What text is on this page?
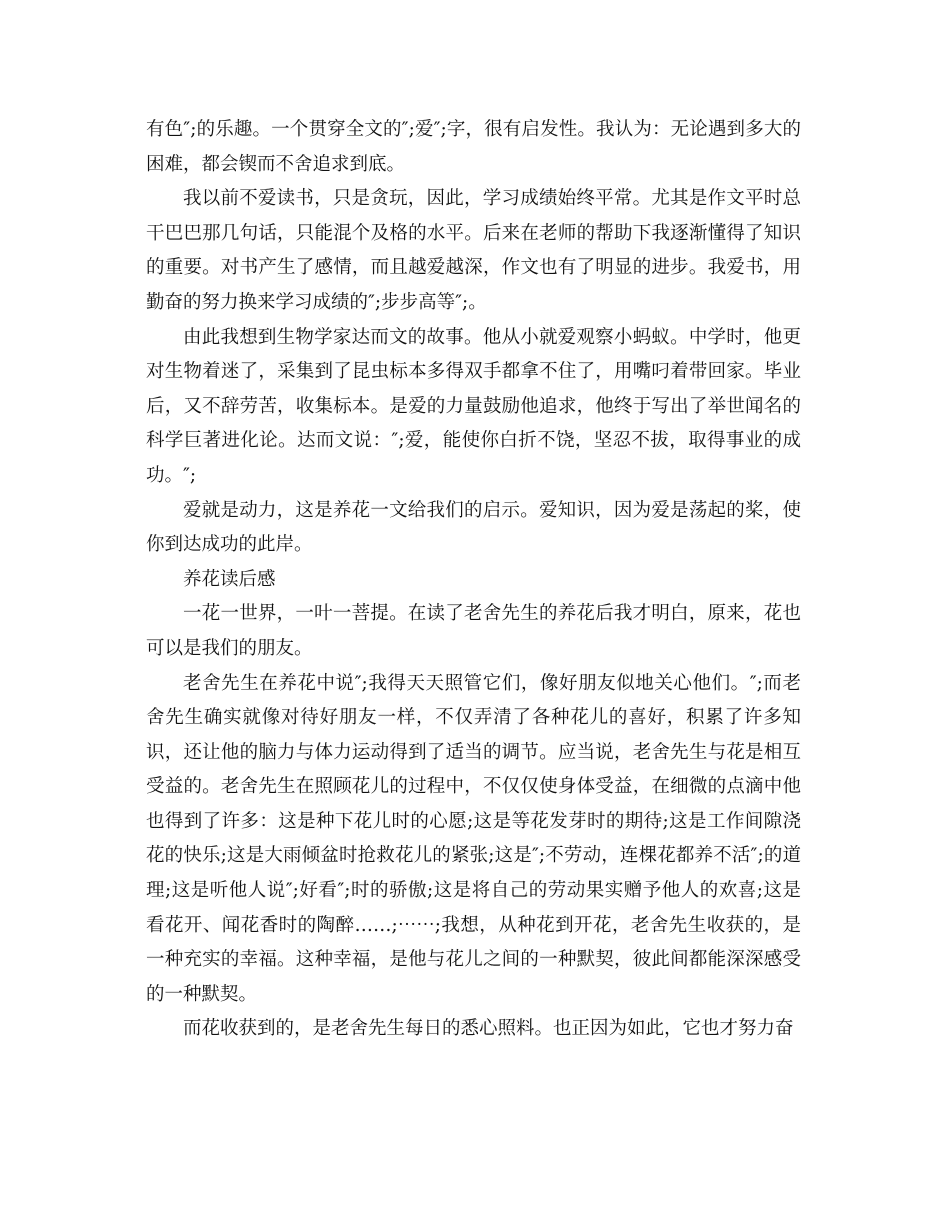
有色″;的乐趣。一个贯穿全文的″;爱″;字，很有启发性。我认为：无论遇到多大的困难，都会锲而不舍追求到底。

我以前不爱读书，只是贪玩，因此，学习成绩始终平常。尤其是作文平时总干巴巴那几句话，只能混个及格的水平。后来在老师的帮助下我逐渐懂得了知识的重要。对书产生了感情，而且越爱越深，作文也有了明显的进步。我爱书，用勤奋的努力换来学习成绩的″;步步高等″;。

由此我想到生物学家达而文的故事。他从小就爱观察小蚂蚁。中学时，他更对生物着迷了，采集到了昆虫标本多得双手都拿不住了，用嘴叼着带回家。毕业后，又不辞劳苦，收集标本。是爱的力量鼓励他追求，他终于写出了举世闻名的科学巨著进化论。达而文说：″;爱，能使你白折不饶，坚忍不拔，取得事业的成功。″;

爱就是动力，这是养花一文给我们的启示。爱知识，因为爱是荡起的桨，使你到达成功的此岸。

养花读后感

一花一世界，一叶一菩提。在读了老舍先生的养花后我才明白，原来，花也可以是我们的朋友。

老舍先生在养花中说″;我得天天照管它们，像好朋友似地关心他们。″;而老舍先生确实就像对待好朋友一样，不仅弄清了各种花儿的喜好，积累了许多知识，还让他的脑力与体力运动得到了适当的调节。应当说，老舍先生与花是相互受益的。老舍先生在照顾花儿的过程中，不仅仅使身体受益，在细微的点滴中他也得到了许多：这是种下花儿时的心愿;这是等花发芽时的期待;这是工作间隙浇花的快乐;这是大雨倾盆时抢救花儿的紧张;这是″;不劳动，连棵花都养不活″;的道理;这是听他人说″;好看″;时的骄傲;这是将自己的劳动果实赠予他人的欢喜;这是看花开、闻花香时的陶醉……;⋯⋯;我想，从种花到开花，老舍先生收获的，是一种充实的幸福。这种幸福，是他与花儿之间的一种默契，彼此间都能深深感受的一种默契。

而花收获到的，是老舍先生每日的悉心照料。也正因为如此，它也才努力奋
